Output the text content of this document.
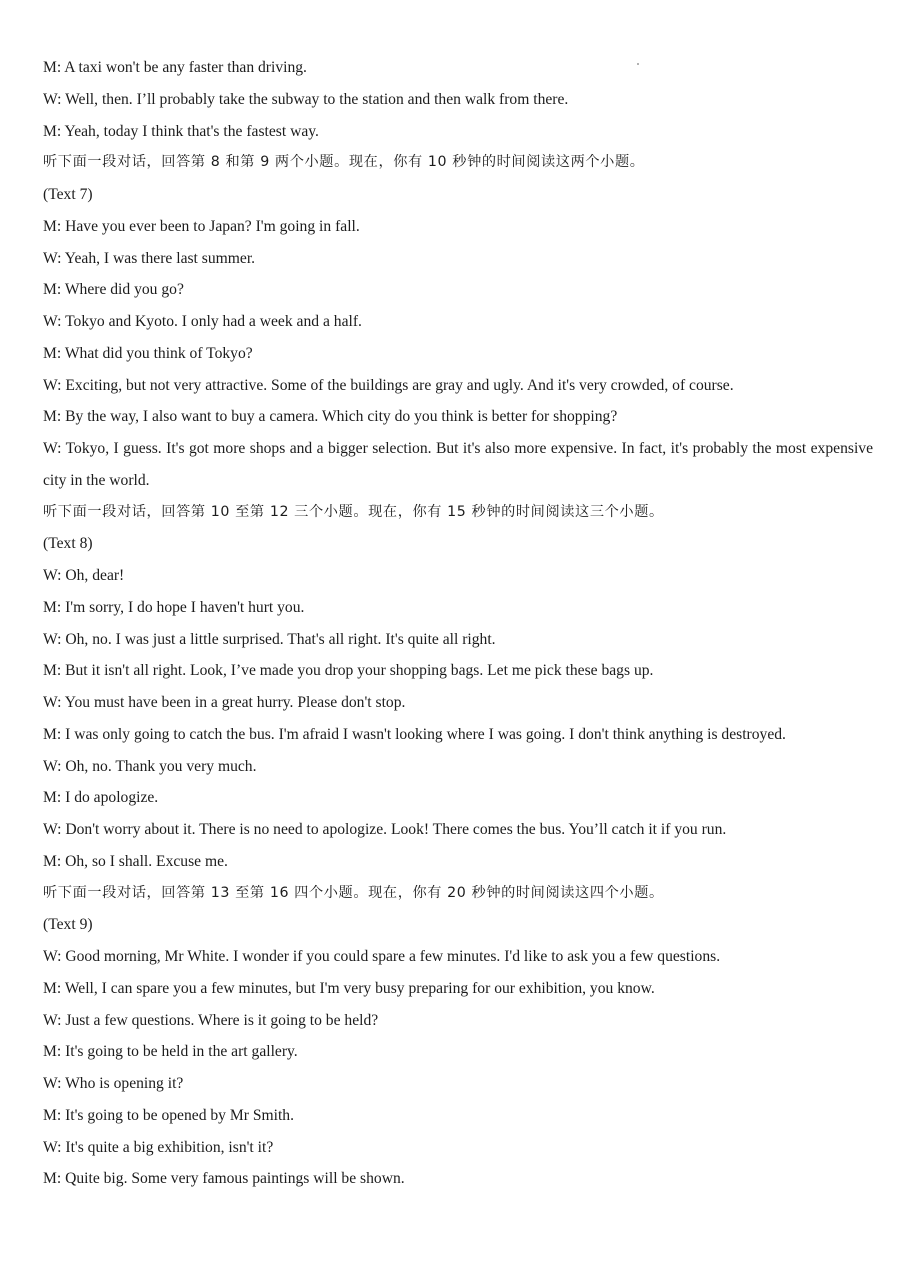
M: A taxi won't be any faster than driving.
W: Well, then. I’ll probably take the subway to the station and then walk from there.
M: Yeah, today I think that's the fastest way.
听下面一段对话，回答第 8 和第 9 两个小题。现在，你有 10 秒钟的时间阅读这两个小题。
(Text 7)
M: Have you ever been to Japan? I'm going in fall.
W: Yeah, I was there last summer.
M: Where did you go?
W: Tokyo and Kyoto. I only had a week and a half.
M: What did you think of Tokyo?
W: Exciting, but not very attractive. Some of the buildings are gray and ugly. And it's very crowded, of course.
M: By the way, I also want to buy a camera. Which city do you think is better for shopping?
W: Tokyo, I guess. It's got more shops and a bigger selection. But it's also more expensive. In fact, it's probably the most expensive city in the world.
听下面一段对话，回答第 10 至第 12 三个小题。现在，你有 15 秒钟的时间阅读这三个小题。
(Text 8)
W: Oh, dear!
M: I'm sorry, I do hope I haven't hurt you.
W: Oh, no. I was just a little surprised. That's all right. It's quite all right.
M: But it isn't all right. Look, I’ve made you drop your shopping bags. Let me pick these bags up.
W: You must have been in a great hurry. Please don't stop.
M: I was only going to catch the bus. I'm afraid I wasn't looking where I was going. I don't think anything is destroyed.
W: Oh, no. Thank you very much.
M: I do apologize.
W: Don't worry about it. There is no need to apologize. Look! There comes the bus. You’ll catch it if you run.
M: Oh, so I shall. Excuse me.
听下面一段对话，回答第 13 至第 16 四个小题。现在，你有 20 秒钟的时间阅读这四个小题。
(Text 9)
W: Good morning, Mr White. I wonder if you could spare a few minutes. I'd like to ask you a few questions.
M: Well, I can spare you a few minutes, but I'm very busy preparing for our exhibition, you know.
W: Just a few questions. Where is it going to be held?
M: It's going to be held in the art gallery.
W: Who is opening it?
M: It's going to be opened by Mr Smith.
W: It's quite a big exhibition, isn't it?
M: Quite big. Some very famous paintings will be shown.
